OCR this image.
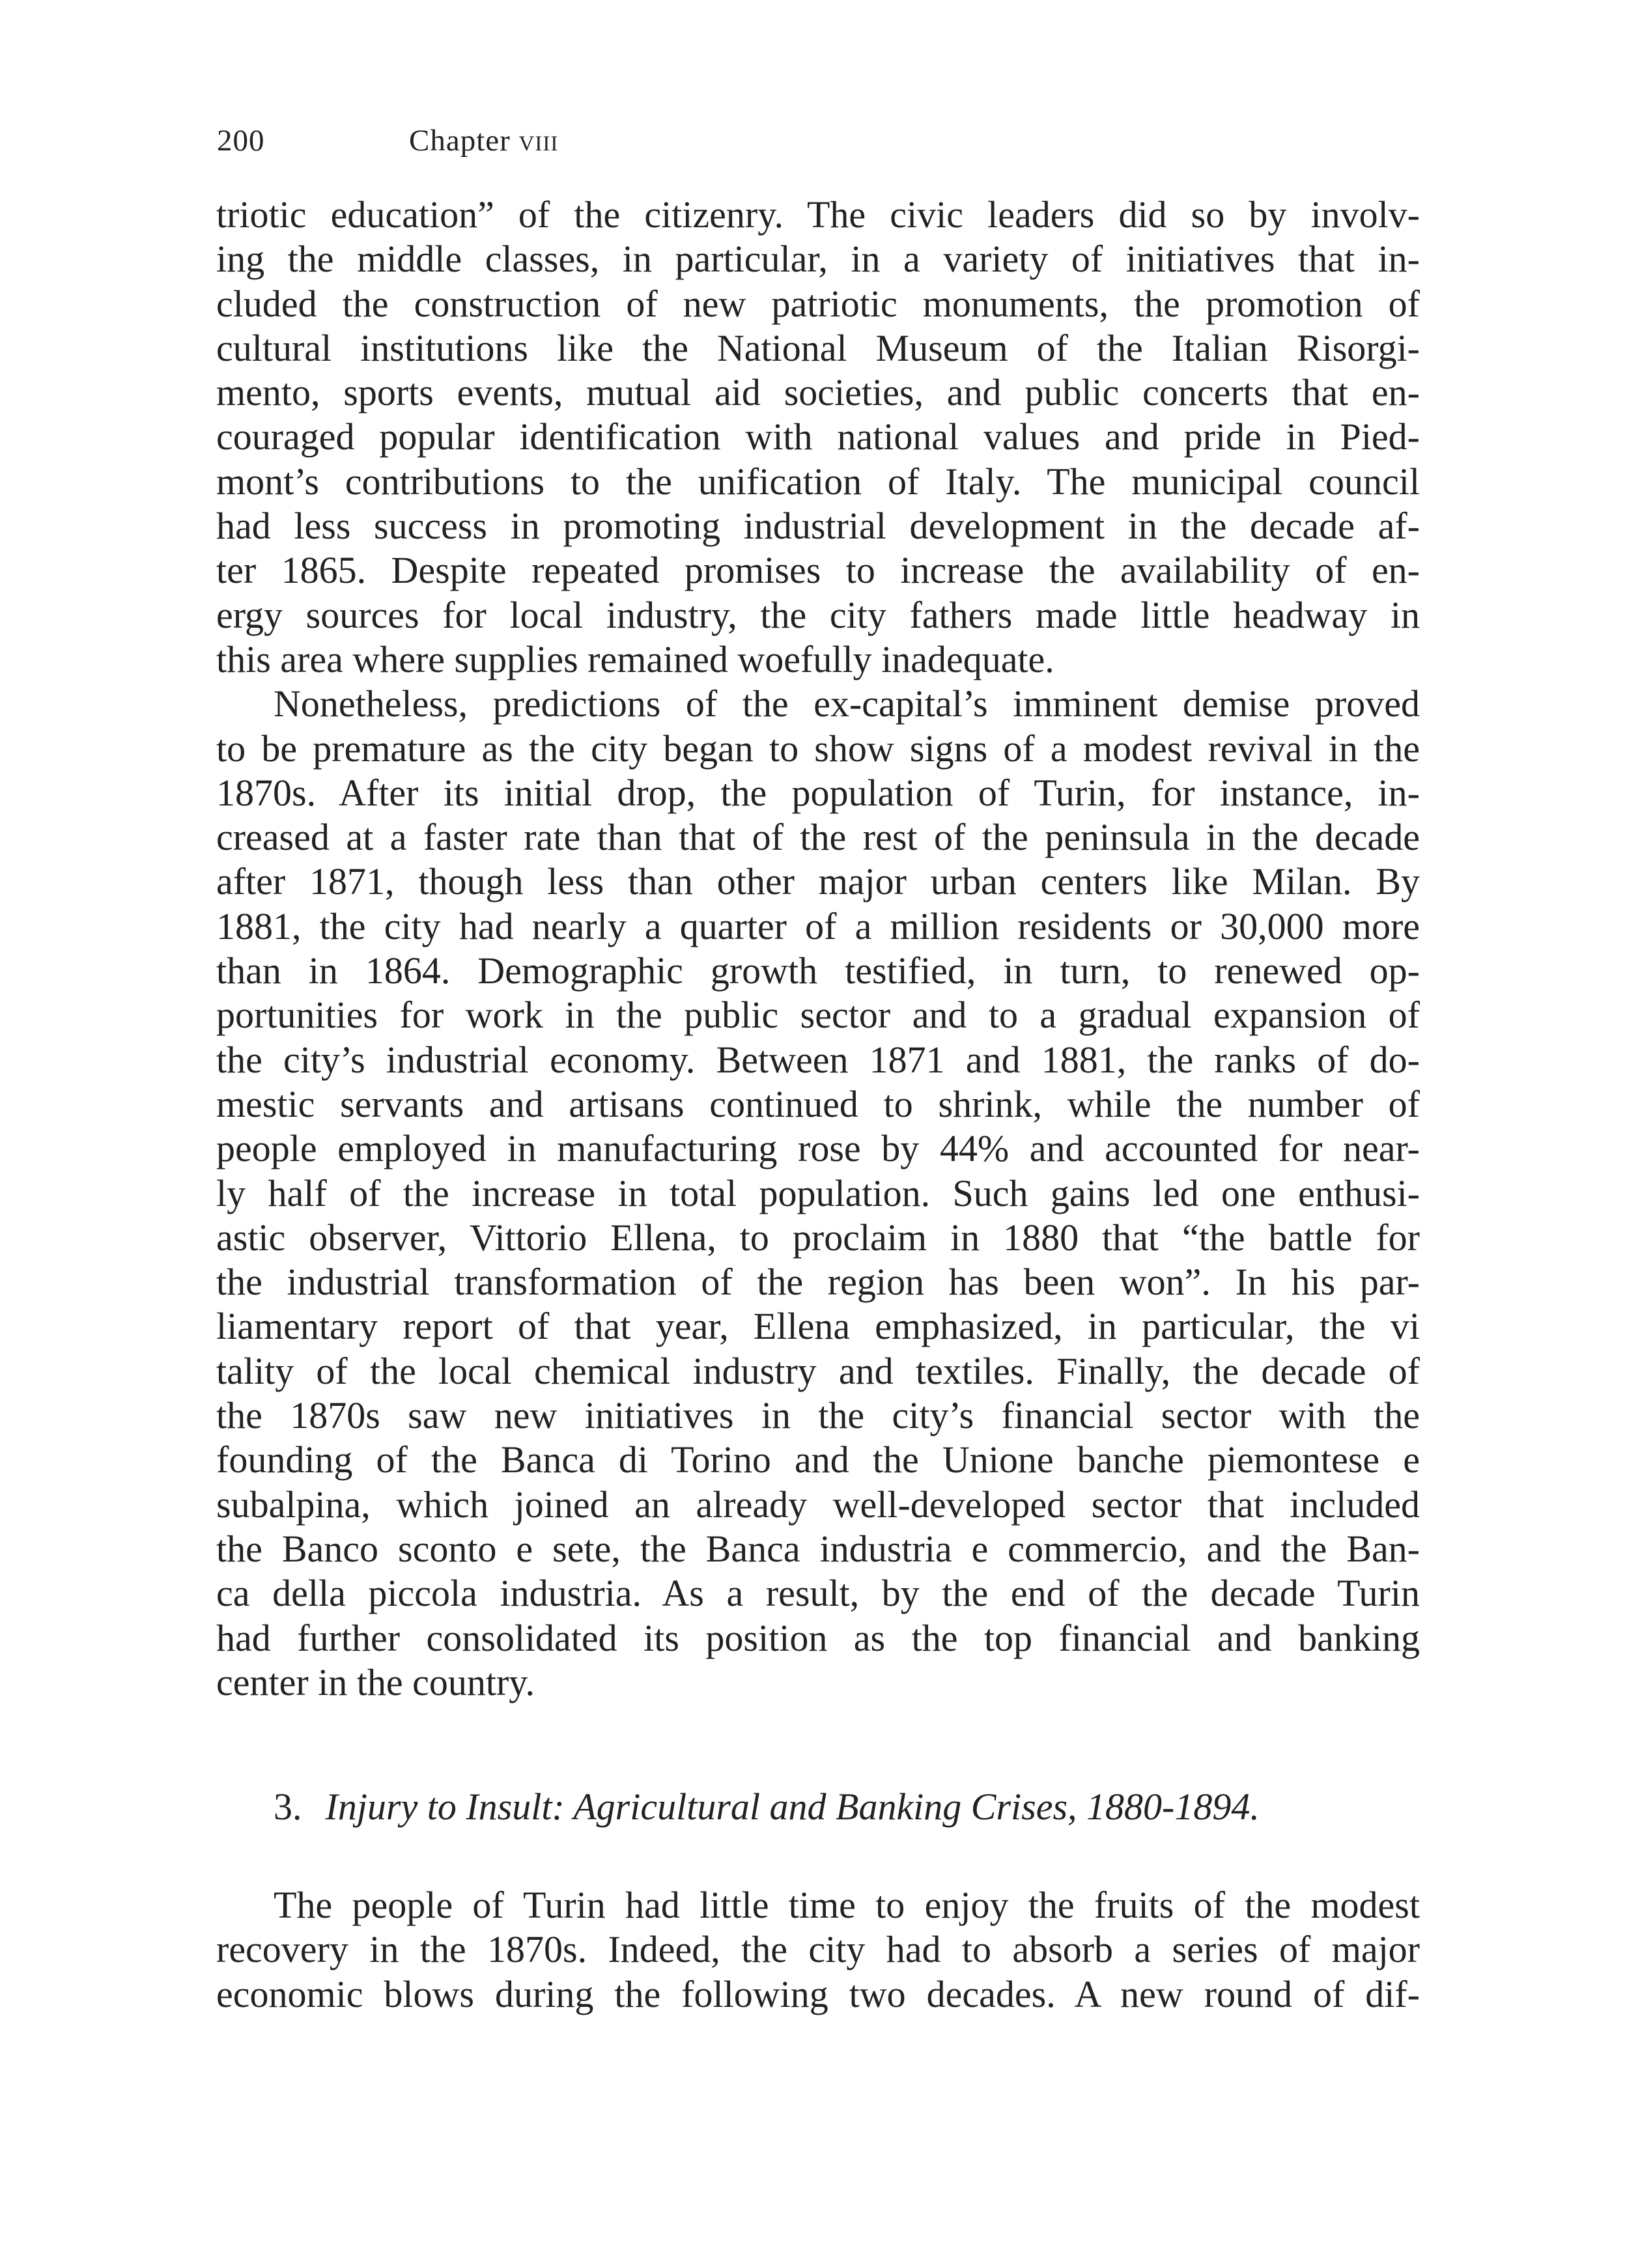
200	Chapter viii
triotic education” of the citizenry. The civic leaders did so by involv-
ing the middle classes, in particular, in a variety of initiatives that in-
cluded the construction of new patriotic monuments, the promotion of
cultural institutions like the National Museum of the Italian Risorgi-
mento, sports events, mutual aid societies, and public concerts that en-
couraged popular identification with national values and pride in Pied-
mont’s contributions to the unification of Italy. The municipal council
had less success in promoting industrial development in the decade af-
ter 1865. Despite repeated promises to increase the availability of en-
ergy sources for local industry, the city fathers made little headway in
this area where supplies remained woefully inadequate.
Nonetheless, predictions of the ex-capital’s imminent demise proved
to be premature as the city began to show signs of a modest revival in the
1870s. After its initial drop, the population of Turin, for instance, in-
creased at a faster rate than that of the rest of the peninsula in the decade
after 1871, though less than other major urban centers like Milan. By
1881, the city had nearly a quarter of a million residents or 30,000 more
than in 1864. Demographic growth testified, in turn, to renewed op-
portunities for work in the public sector and to a gradual expansion of
the city’s industrial economy. Between 1871 and 1881, the ranks of do-
mestic servants and artisans continued to shrink, while the number of
people employed in manufacturing rose by 44% and accounted for near-
ly half of the increase in total population. Such gains led one enthusi-
astic observer, Vittorio Ellena, to proclaim in 1880 that “the battle for
the industrial transformation of the region has been won”. In his par-
liamentary report of that year, Ellena emphasized, in particular, the vi
tality of the local chemical industry and textiles. Finally, the decade of
the 1870s saw new initiatives in the city’s financial sector with the
founding of the Banca di Torino and the Unione banche piemontese e
subalpina, which joined an already well-developed sector that included
the Banco sconto e sete, the Banca industria e commercio, and the Ban-
ca della piccola industria. As a result, by the end of the decade Turin
had further consolidated its position as the top financial and banking
center in the country.
3. Injury to Insult: Agricultural and Banking Crises, 1880-1894.
The people of Turin had little time to enjoy the fruits of the modest
recovery in the 1870s. Indeed, the city had to absorb a series of major
economic blows during the following two decades. A new round of dif-
